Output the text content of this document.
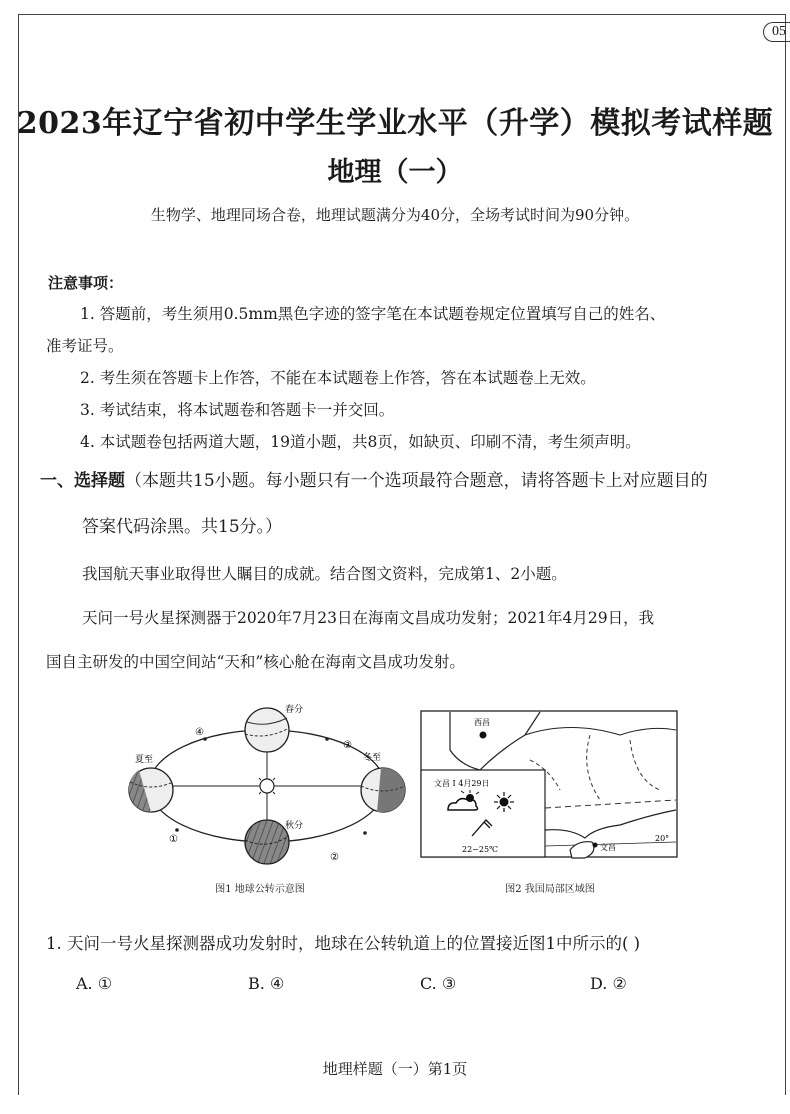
05
2023年辽宁省初中学生学业水平（升学）模拟考试样题
地理（一）
生物学、地理同场合卷，地理试题满分为40分，全场考试时间为90分钟。
注意事项：
1. 答题前，考生须用0.5mm黑色字迹的签字笔在本试题卷规定位置填写自己的姓名、
准考证号。
2. 考生须在答题卡上作答，不能在本试题卷上作答，答在本试题卷上无效。
3. 考试结束，将本试题卷和答题卡一并交回。
4. 本试题卷包括两道大题，19道小题，共8页，如缺页、印刷不清，考生须声明。
一、选择题（本题共15小题。每小题只有一个选项最符合题意，请将答题卡上对应题目的
答案代码涂黑。共15分。）
我国航天事业取得世人瞩目的成就。结合图文资料，完成第1、2小题。
天问一号火星探测器于2020年7月23日在海南文昌成功发射；2021年4月29日，我
国自主研发的中国空间站“天和”核心舱在海南文昌成功发射。
春分
夏至
秋分
冬至
④
③
①
②
图1 地球公转示意图
西昌
文昌
20°
文昌 Ⅰ 4月29日
22~25℃
图2 我国局部区域图
1. 天问一号火星探测器成功发射时，地球在公转轨道上的位置接近图1中所示的( )
A. ①	B. ④	C. ③	D. ②
地理样题（一）第1页
